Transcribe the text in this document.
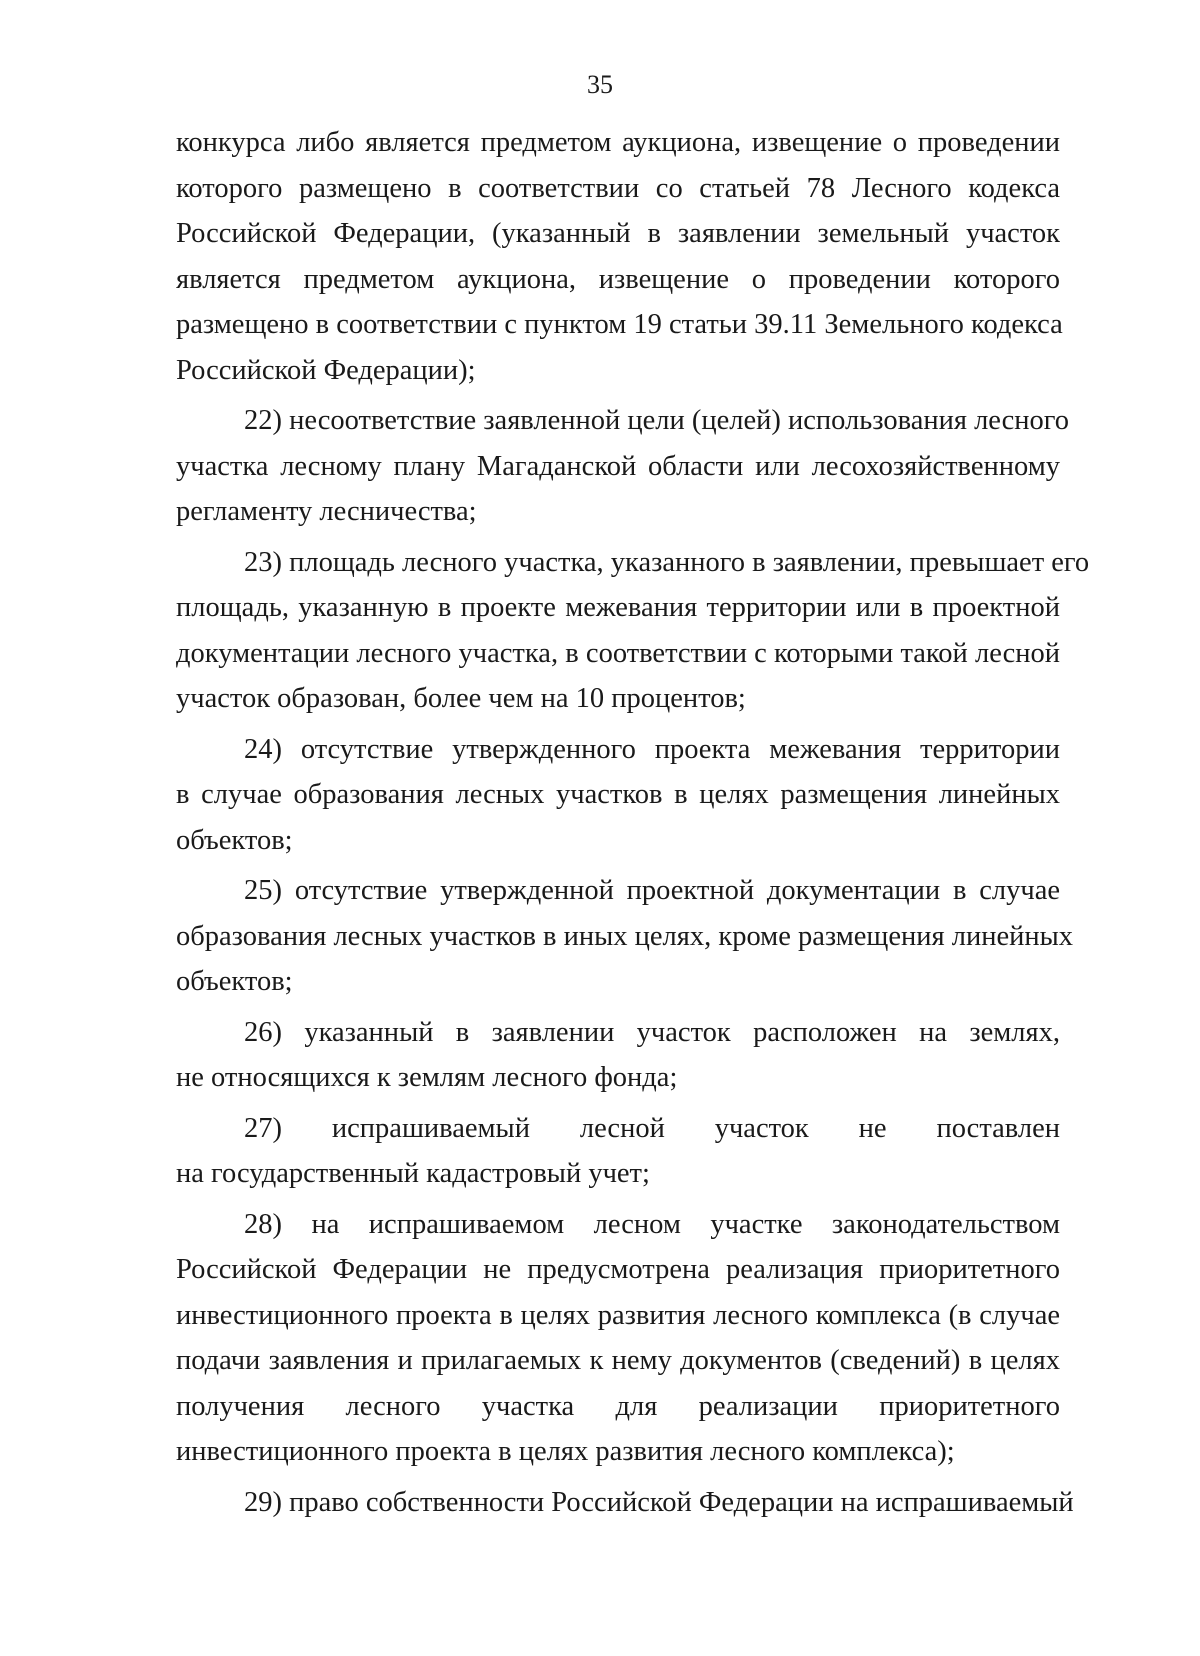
35
конкурса либо является предметом аукциона, извещение о проведении
которого размещено в соответствии со статьей 78 Лесного кодекса
Российской Федерации, (указанный в заявлении земельный участок
является предметом аукциона, извещение о проведении которого
размещено в соответствии с пунктом 19 статьи 39.11 Земельного кодекса
Российской Федерации);
22) несоответствие заявленной цели (целей) использования лесного
участка лесному плану Магаданской области или лесохозяйственному
регламенту лесничества;
23) площадь лесного участка, указанного в заявлении, превышает его
площадь, указанную в проекте межевания территории или в проектной
документации лесного участка, в соответствии с которыми такой лесной
участок образован, более чем на 10 процентов;
24) отсутствие утвержденного проекта межевания территории
в случае образования лесных участков в целях размещения линейных
объектов;
25) отсутствие утвержденной проектной документации в случае
образования лесных участков в иных целях, кроме размещения линейных
объектов;
26) указанный в заявлении участок расположен на землях,
не относящихся к землям лесного фонда;
27) испрашиваемый лесной участок не поставлен
на государственный кадастровый учет;
28) на испрашиваемом лесном участке законодательством
Российской Федерации не предусмотрена реализация приоритетного
инвестиционного проекта в целях развития лесного комплекса (в случае
подачи заявления и прилагаемых к нему документов (сведений) в целях
получения лесного участка для реализации приоритетного
инвестиционного проекта в целях развития лесного комплекса);
29) право собственности Российской Федерации на испрашиваемый
